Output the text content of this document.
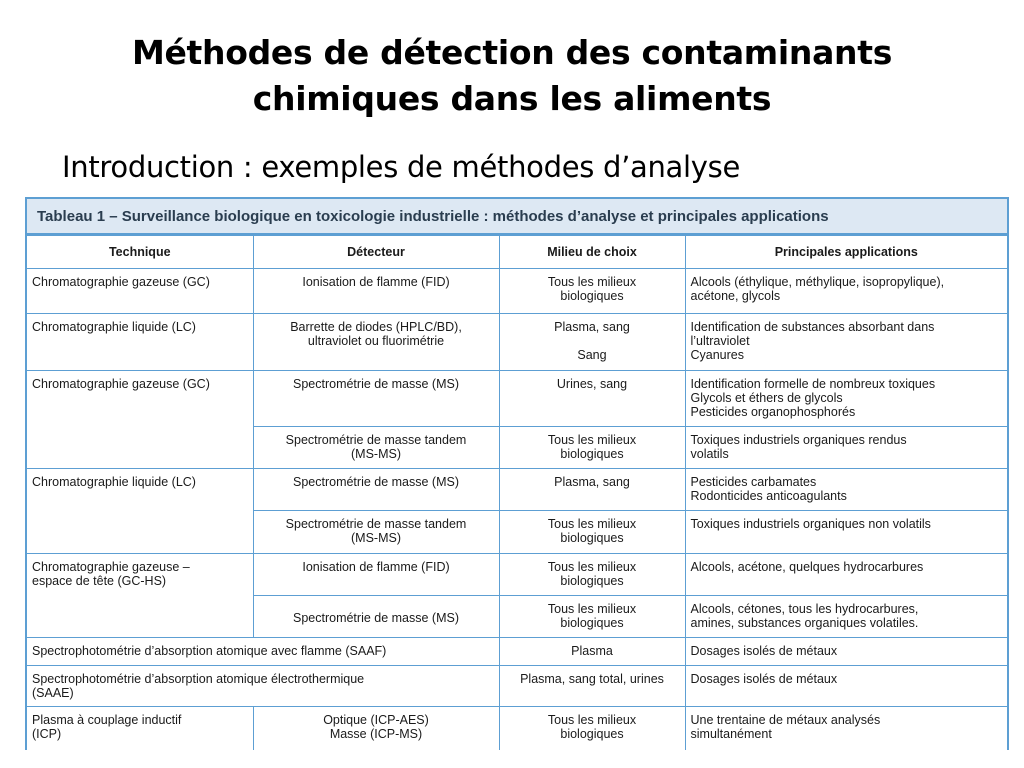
Méthodes de détection des contaminants
chimiques dans les aliments
Introduction : exemples de méthodes d’analyse
Tableau 1 – Surveillance biologique en toxicologie industrielle : méthodes d’analyse et principales applications
Technique	Détecteur	Milieu de choix	Principales applications

Chromatographie gazeuse (GC)	Ionisation de flamme (FID)	Tous les milieux
biologiques	Alcools (éthylique, méthylique, isopropylique),
acétone, glycols

Chromatographie liquide (LC)	Barrette de diodes (HPLC/BD),
ultraviolet ou fluorimétrie	Plasma, sang
Sang	Identification de substances absorbant dans
l’ultraviolet
Cyanures

Chromatographie gazeuse (GC)	Spectrométrie de masse (MS)	Urines, sang	Identification formelle de nombreux toxiques
Glycols et éthers de glycols
Pesticides organophosphorés

	Spectrométrie de masse tandem
(MS-MS)	Tous les milieux
biologiques	Toxiques industriels organiques rendus
volatils

Chromatographie liquide (LC)	Spectrométrie de masse (MS)	Plasma, sang	Pesticides carbamates
Rodonticides anticoagulants

	Spectrométrie de masse tandem
(MS-MS)	Tous les milieux
biologiques	Toxiques industriels organiques non volatils

Chromatographie gazeuse –
espace de tête (GC-HS)	Ionisation de flamme (FID)	Tous les milieux
biologiques	Alcools, acétone, quelques hydrocarbures

	Spectrométrie de masse (MS)	Tous les milieux
biologiques	Alcools, cétones, tous les hydrocarbures,
amines, substances organiques volatiles.

Spectrophotométrie d’absorption atomique avec flamme (SAAF)		Plasma	Dosages isolés de métaux

Spectrophotométrie d’absorption atomique électrothermique
(SAAE)		Plasma, sang total, urines	Dosages isolés de métaux

Plasma à couplage inductif
(ICP)	Optique (ICP-AES)
Masse (ICP-MS)	Tous les milieux
biologiques	Une trentaine de métaux analysés
simultanément
